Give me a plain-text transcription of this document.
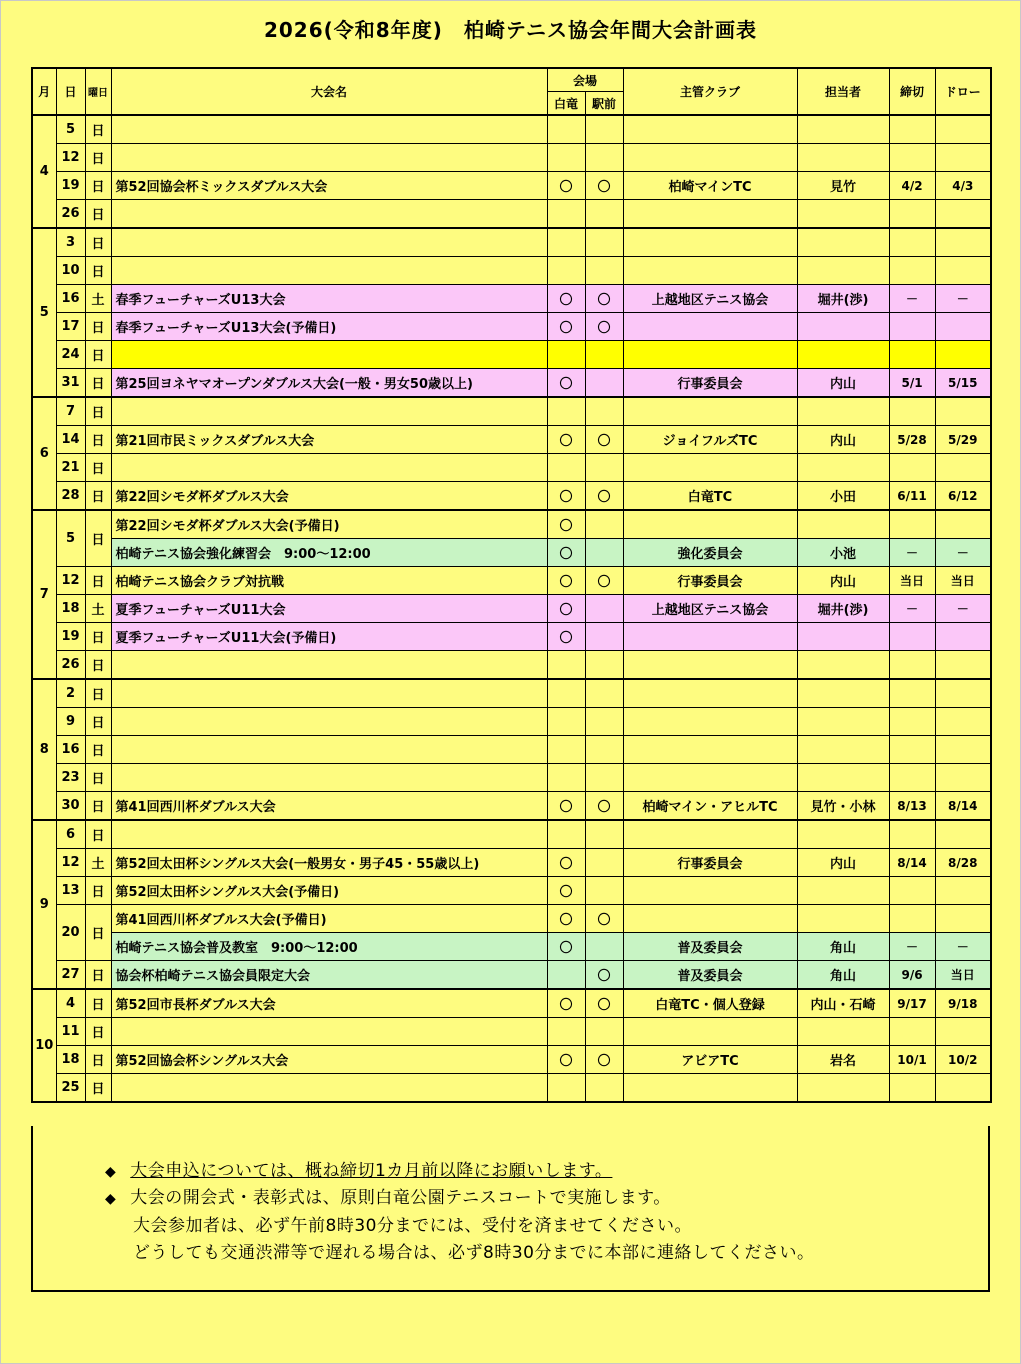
2026(令和8年度)　柏崎テニス協会年間大会計画表
月	日	曜日	大会名	会場		主管クラブ	担当者	締切	ドロー
				白竜	駅前				
4	5	日							
	12	日							
	19	日	第52回協会杯ミックスダブルス大会	〇	〇	柏崎マインTC	見竹	4/2	4/3
	26	日							
5	3	日							
	10	日							
	16	土	春季フューチャーズU13大会	〇	〇	上越地区テニス協会	堀井(渉)	－	－
	17	日	春季フューチャーズU13大会(予備日)	〇	〇				
	24	日							
	31	日	第25回ヨネヤマオープンダブルス大会(一般・男女50歳以上)	〇		行事委員会	内山	5/1	5/15
6	7	日							
	14	日	第21回市民ミックスダブルス大会	〇	〇	ジョイフルズTC	内山	5/28	5/29
	21	日							
	28	日	第22回シモダ杯ダブルス大会	〇	〇	白竜TC	小田	6/11	6/12
7	5	日	第22回シモダ杯ダブルス大会(予備日)	〇					
			柏崎テニス協会強化練習会　9:00～12:00	〇		強化委員会	小池	－	－
	12	日	柏崎テニス協会クラブ対抗戦	〇	〇	行事委員会	内山	当日	当日
	18	土	夏季フューチャーズU11大会	〇		上越地区テニス協会	堀井(渉)	－	－
	19	日	夏季フューチャーズU11大会(予備日)	〇					
	26	日							
8	2	日							
	9	日							
	16	日							
	23	日							
	30	日	第41回西川杯ダブルス大会	〇	〇	柏崎マイン・アヒルTC	見竹・小林	8/13	8/14
9	6	日							
	12	土	第52回太田杯シングルス大会(一般男女・男子45・55歳以上)	〇		行事委員会	内山	8/14	8/28
	13	日	第52回太田杯シングルス大会(予備日)	〇					
	20	日	第41回西川杯ダブルス大会(予備日)	〇	〇				
			柏崎テニス協会普及教室　9:00～12:00	〇		普及委員会	角山	－	－
	27	日	協会杯柏崎テニス協会員限定大会		〇	普及委員会	角山	9/6	当日
10	4	日	第52回市長杯ダブルス大会	〇	〇	白竜TC・個人登録	内山・石崎	9/17	9/18
	11	日							
	18	日	第52回協会杯シングルス大会	〇	〇	アビアTC	岩名	10/1	10/2
	25	日							
◆ 大会申込については、概ね締切1カ月前以降にお願いします。
◆ 大会の開会式・表彰式は、原則白竜公園テニスコートで実施します。
大会参加者は、必ず午前8時30分までには、受付を済ませてください。
どうしても交通渋滞等で遅れる場合は、必ず8時30分までに本部に連絡してください。
